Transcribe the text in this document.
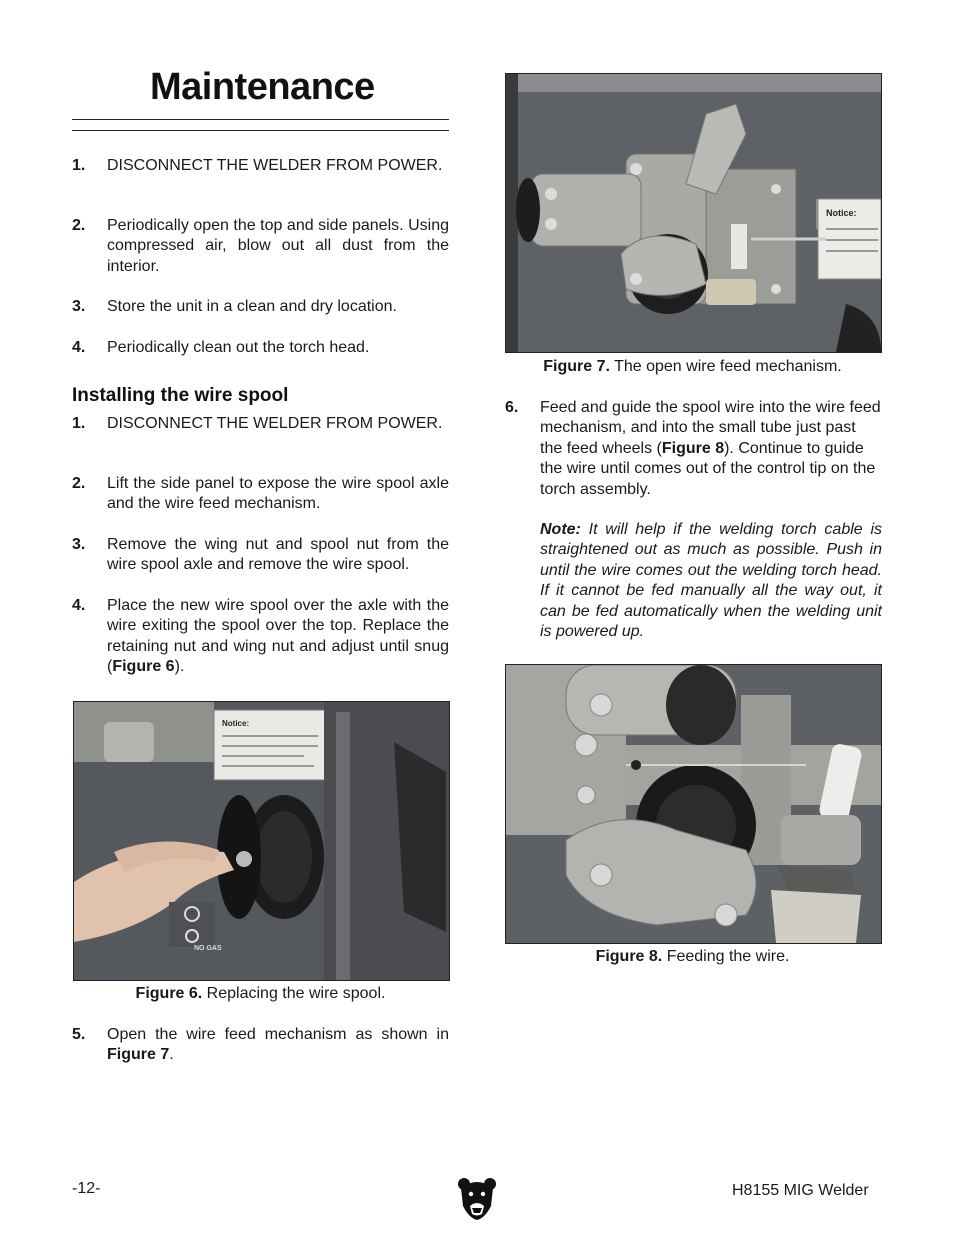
Maintenance
1. DISCONNECT THE WELDER FROM POWER.
2. Periodically open the top and side panels. Using compressed air, blow out all dust from the interior.
3. Store the unit in a clean and dry location.
4. Periodically clean out the torch head.
Installing the wire spool
1. DISCONNECT THE WELDER FROM POWER.
2. Lift the side panel to expose the wire spool axle and the wire feed mechanism.
3. Remove the wing nut and spool nut from the wire spool axle and remove the wire spool.
4. Place the new wire spool over the axle with the wire exiting the spool over the top. Replace the retaining nut and wing nut and adjust until snug (Figure 6).
5. Open the wire feed mechanism as shown in Figure 7.
Notice:
NO GAS
Figure 6. Replacing the wire spool.
Notice:
Figure 7. The open wire feed mechanism.
6. Feed and guide the spool wire into the wire feed mechanism, and into the small tube just past the feed wheels (Figure 8). Continue to guide the wire until comes out of the control tip on the torch assembly.
Note: It will help if the welding torch cable is straightened out as much as possible. Push in until the wire comes out the welding torch head. If it cannot be fed manually all the way out, it can be fed automatically when the welding unit is powered up.
Figure 8. Feeding the wire.
-12-	H8155 MIG Welder
